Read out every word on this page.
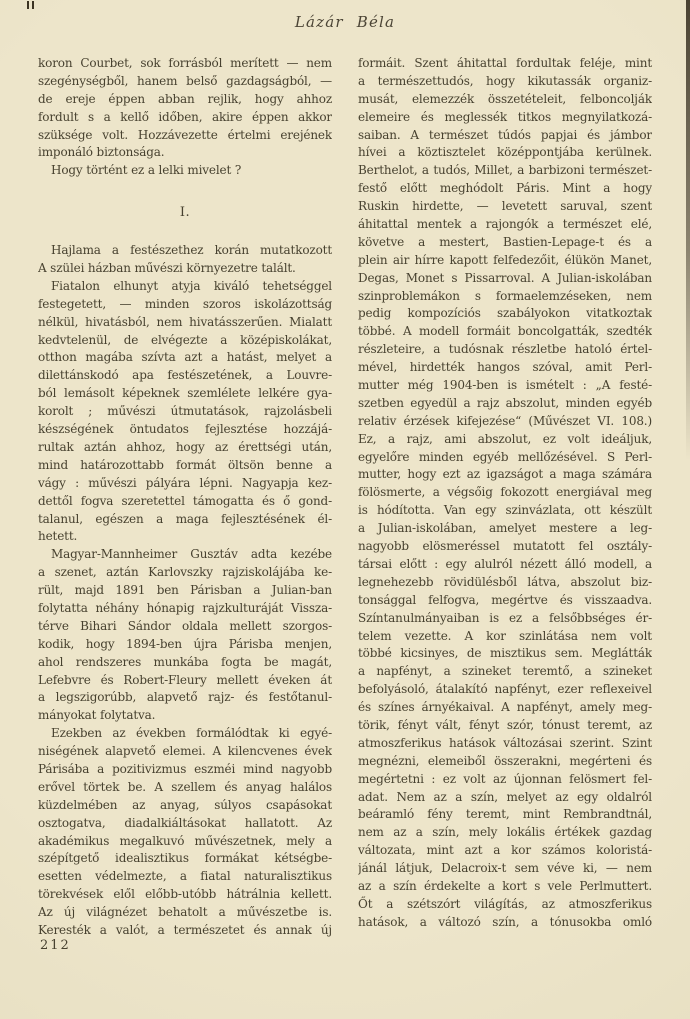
Lázár Béla
koron Courbet, sok forrásból merített — nem
szegénységből, hanem belső gazdagságból, —
de ereje éppen abban rejlik, hogy ahhoz
fordult s a kellő időben, akire éppen akkor
szüksége volt. Hozzávezette értelmi erejének
imponáló biztonsága.
Hogy történt ez a lelki mivelet ?
I.
Hajlama a festészethez korán mutatkozott
A szülei házban művészi környezetre talált.
Fiatalon elhunyt atyja kiváló tehetséggel
festegetett, — minden szoros iskolázottság
nélkül, hivatásból, nem hivatásszerűen. Mialatt
kedvtelenül, de elvégezte a középiskolákat,
otthon magába szívta azt a hatást, melyet a
dilettánskodó apa festészetének, a Louvre-
ból lemásolt képeknek szemlélete lelkére gya-
korolt ; művészi útmutatások, rajzolásbeli
készségének öntudatos fejlesztése hozzájá-
rultak aztán ahhoz, hogy az érettségi után,
mind határozottabb formát öltsön benne a
vágy : művészi pályára lépni. Nagyapja kez-
dettől fogva szeretettel támogatta és ő gond-
talanul, egészen a maga fejlesztésének él-
hetett.
Magyar-Mannheimer Gusztáv adta kezébe
a szenet, aztán Karlovszky rajziskolájába ke-
rült, majd 1891 ben Párisban a Julian-ban
folytatta néhány hónapig rajzkulturáját Vissza-
térve Bihari Sándor oldala mellett szorgos-
kodik, hogy 1894-ben újra Párisba menjen,
ahol rendszeres munkába fogta be magát,
Lefebvre és Robert-Fleury mellett éveken át
a legszigorúbb, alapvető rajz- és festőtanul-
mányokat folytatva.
Ezekben az években formálódtak ki egyé-
niségének alapvető elemei. A kilencvenes évek
Párisába a pozitivizmus eszméi mind nagyobb
erővel törtek be. A szellem és anyag halálos
küzdelmében az anyag, súlyos csapásokat
osztogatva, diadalkiáltásokat hallatott. Az
akadémikus megalkuvó művészetnek, mely a
szépítgető idealisztikus formákat kétségbe-
esetten védelmezte, a fiatal naturalisztikus
törekvések elől előbb-utóbb hátrálnia kellett.
Az új világnézet behatolt a művészetbe is.
Keresték a valót, a természetet és annak új
formáit. Szent áhitattal fordultak feléje, mint
a természettudós, hogy kikutassák organiz-
musát, elemezzék összetételeit, felboncolják
elemeire és meglessék titkos megnyilatkozá-
saiban. A természet túdós papjai és jámbor
hívei a köztisztelet középpontjába kerülnek.
Berthelot, a tudós, Millet, a barbizoni természet-
festő előtt meghódolt Páris. Mint a hogy
Ruskin hirdette, — levetett saruval, szent
áhitattal mentek a rajongók a természet elé,
követve a mestert, Bastien-Lepage-t és a
plein air hírre kapott felfedezőit, élükön Manet,
Degas, Monet s Pissarroval. A Julian-iskolában
szinproblemákon s formaelemzéseken, nem
pedig kompozíciós szabályokon vitatkoztak
többé. A modell formáit boncolgatták, szedték
részleteire, a tudósnak részletbe hatoló értel-
mével, hirdették hangos szóval, amit Perl-
mutter még 1904-ben is ismételt : „A festé-
szetben egyedül a rajz abszolut, minden egyéb
relativ érzések kifejezése“ (Művészet VI. 108.)
Ez, a rajz, ami abszolut, ez volt ideáljuk,
egyelőre minden egyéb mellőzésével. S Perl-
mutter, hogy ezt az igazságot a maga számára
fölösmerte, a végsőig fokozott energiával meg
is hódította. Van egy szinvázlata, ott készült
a Julian-iskolában, amelyet mestere a leg-
nagyobb elösmeréssel mutatott fel osztály-
társai előtt : egy alulról nézett álló modell, a
legnehezebb rövidülésből látva, abszolut biz-
tonsággal felfogva, megértve és visszaadva.
Színtanulmányaiban is ez a felsőbbséges ér-
telem vezette. A kor szinlátása nem volt
többé kicsinyes, de misztikus sem. Meglátták
a napfényt, a szineket teremtő, a szineket
befolyásoló, átalakító napfényt, ezer reflexeivel
és színes árnyékaival. A napfényt, amely meg-
törik, fényt vált, fényt szór, tónust teremt, az
atmoszferikus hatások változásai szerint. Szint
megnézni, elemeiből összerakni, megérteni és
megértetni : ez volt az újonnan felösmert fel-
adat. Nem az a szín, melyet az egy oldalról
beáramló fény teremt, mint Rembrandtnál,
nem az a szín, mely lokális értékek gazdag
változata, mint azt a kor számos koloristá-
jánál látjuk, Delacroix-t sem véve ki, — nem
az a szín érdekelte a kort s vele Perlmuttert.
Őt a szétszórt világítás, az atmoszferikus
hatások, a változó szín, a tónusokba omló
212
